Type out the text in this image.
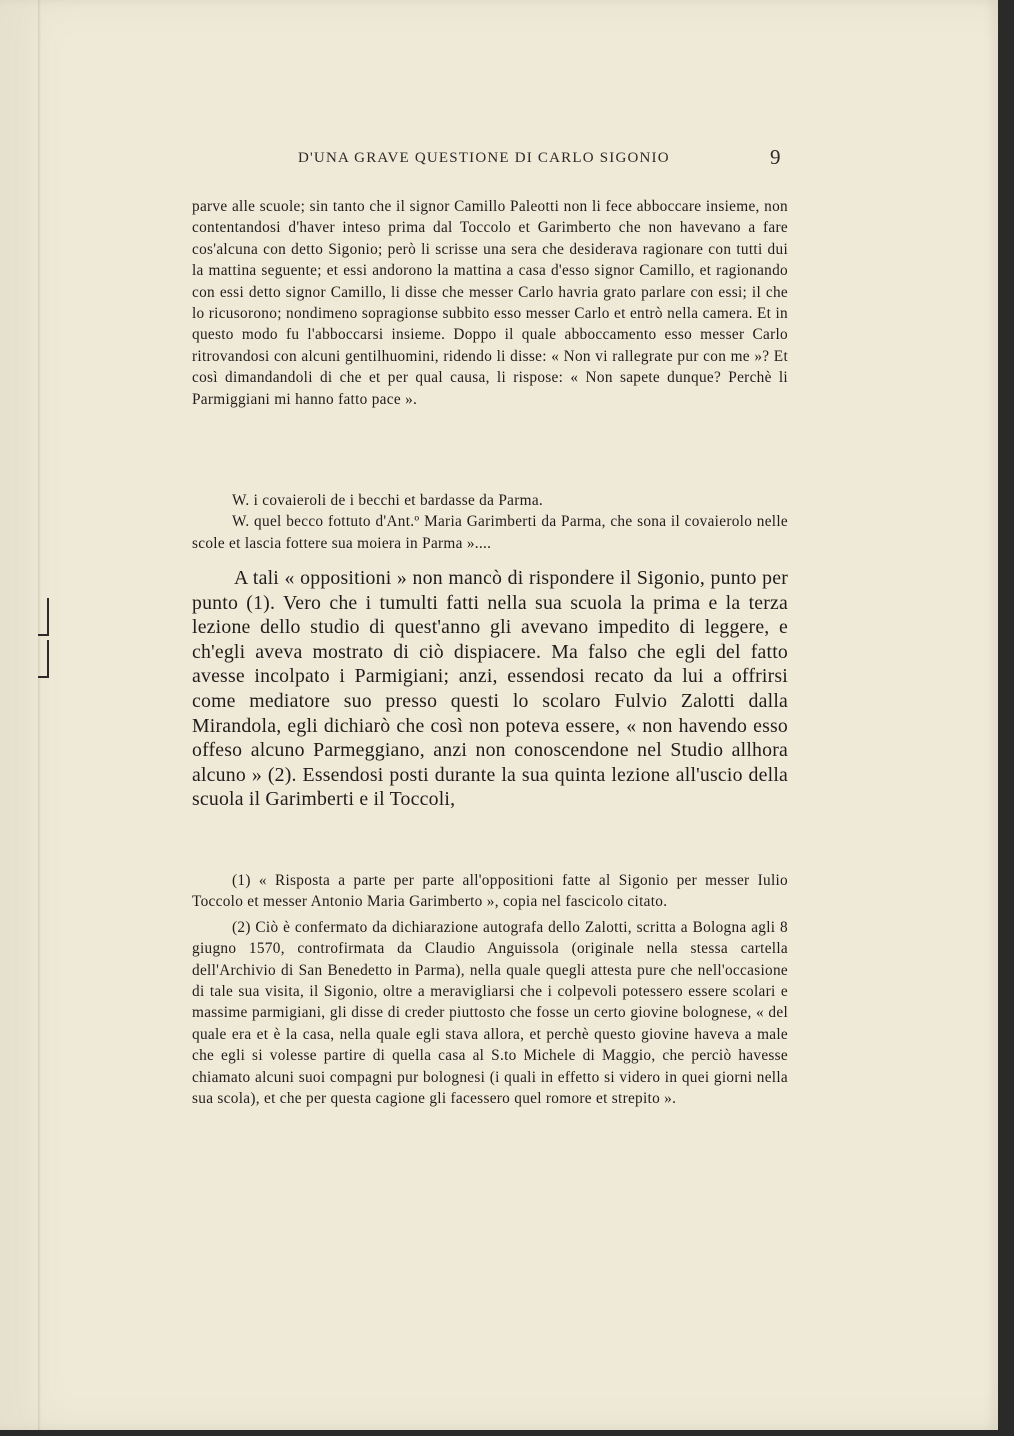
D'UNA GRAVE QUESTIONE DI CARLO SIGONIO	9

parve alle scuole; sin tanto che il signor Camillo Paleotti non li fece abboccare insieme, non contentandosi d'haver inteso prima dal Toccolo et Garimberto che non havevano a fare cos'alcuna con detto Sigonio; però li scrisse una sera che desiderava ragionare con tutti dui la mattina seguente; et essi andorono la mattina a casa d'esso signor Camillo, et ragionando con essi detto signor Camillo, li disse che messer Carlo havria grato parlare con essi; il che lo ricusorono; nondimeno sopragionse subbito esso messer Carlo et entrò nella camera. Et in questo modo fu l'abboccarsi insieme. Doppo il quale abboccamento esso messer Carlo ritrovandosi con alcuni gentilhuomini, ridendo li disse: « Non vi rallegrate pur con me »? Et così dimandandoli di che et per qual causa, li rispose: « Non sapete dunque? Perchè li Parmiggiani mi hanno fatto pace ».

W. i covaieroli de i becchi et bardasse da Parma.

W. quel becco fottuto d'Ant.º Maria Garimberti da Parma, che sona il covaierolo nelle scole et lascia fottere sua moiera in Parma »....

A tali « oppositioni » non mancò di rispondere il Sigonio, punto per punto (1). Vero che i tumulti fatti nella sua scuola la prima e la terza lezione dello studio di quest'anno gli avevano impedito di leggere, e ch'egli aveva mostrato di ciò dispiacere. Ma falso che egli del fatto avesse incolpato i Parmigiani; anzi, essendosi recato da lui a offrirsi come mediatore suo presso questi lo scolaro Fulvio Zalotti dalla Mirandola, egli dichiarò che così non poteva essere, « non havendo esso offeso alcuno Parmeggiano, anzi non conoscendone nel Studio allhora alcuno » (2). Essendosi posti durante la sua quinta lezione all'uscio della scuola il Garimberti e il Toccoli,

(1) « Risposta a parte per parte all'oppositioni fatte al Sigonio per messer Iulio Toccolo et messer Antonio Maria Garimberto », copia nel fascicolo citato.

(2) Ciò è confermato da dichiarazione autografa dello Zalotti, scritta a Bologna agli 8 giugno 1570, controfirmata da Claudio Anguissola (originale nella stessa cartella dell'Archivio di San Benedetto in Parma), nella quale quegli attesta pure che nell'occasione di tale sua visita, il Sigonio, oltre a meravigliarsi che i colpevoli potessero essere scolari e massime parmigiani, gli disse di creder piuttosto che fosse un certo giovine bolognese, « del quale era et è la casa, nella quale egli stava allora, et perchè questo giovine haveva a male che egli si volesse partire di quella casa al S.to Michele di Maggio, che perciò havesse chiamato alcuni suoi compagni pur bolognesi (i quali in effetto si videro in quei giorni nella sua scola), et che per questa cagione gli facessero quel romore et strepito ».
